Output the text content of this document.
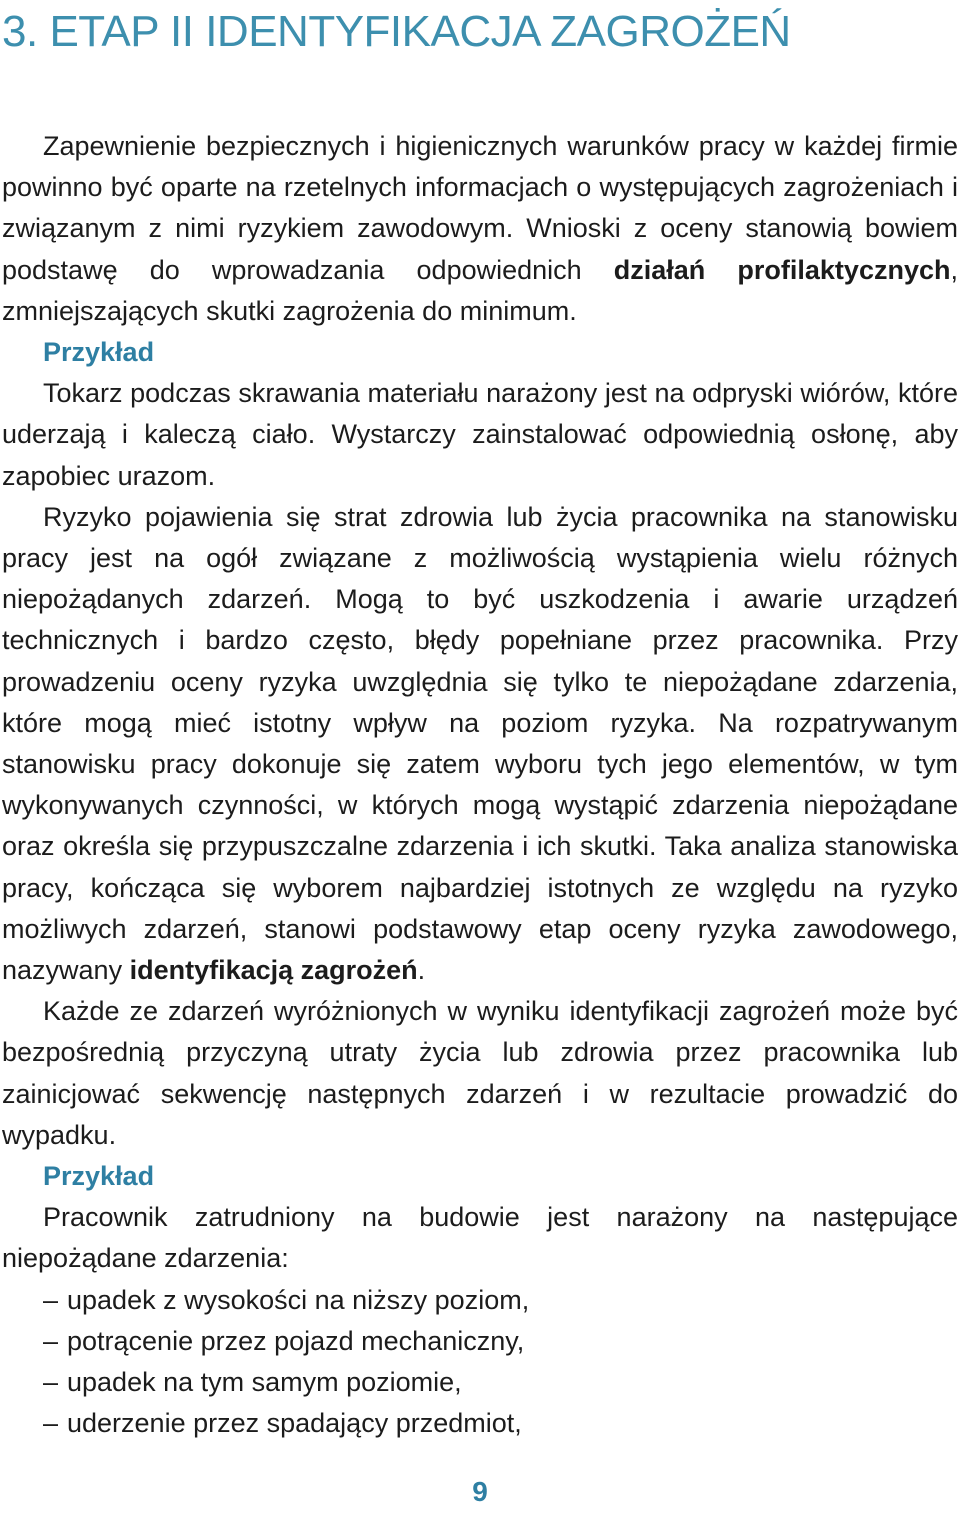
3. ETAP II IDENTYFIKACJA ZAGROŻEŃ

Zapewnienie bezpiecznych i higienicznych warunków pracy w każdej firmie powinno być oparte na rzetelnych informacjach o występujących zagrożeniach i związanym z nimi ryzykiem zawodowym. Wnioski z oceny stanowią bowiem podstawę do wprowadzania odpowiednich działań profilaktycznych, zmniejszających skutki zagrożenia do minimum.

Przykład

Tokarz podczas skrawania materiału narażony jest na odpryski wiórów, które uderzają i kaleczą ciało. Wystarczy zainstalować odpowiednią osłonę, aby zapobiec urazom.

Ryzyko pojawienia się strat zdrowia lub życia pracownika na stanowisku pracy jest na ogół związane z możliwością wystąpienia wielu różnych niepożądanych zdarzeń. Mogą to być uszkodzenia i awarie urządzeń technicznych i bardzo często, błędy popełniane przez pracownika. Przy prowadzeniu oceny ryzyka uwzględnia się tylko te niepożądane zdarzenia, które mogą mieć istotny wpływ na poziom ryzyka. Na rozpatrywanym stanowisku pracy dokonuje się zatem wyboru tych jego elementów, w tym wykonywanych czynności, w których mogą wystąpić zdarzenia niepożądane oraz określa się przypuszczalne zdarzenia i ich skutki. Taka analiza stanowiska pracy, kończąca się wyborem najbardziej istotnych ze względu na ryzyko możliwych zdarzeń, stanowi podstawowy etap oceny ryzyka zawodowego, nazywany identyfikacją zagrożeń.

Każde ze zdarzeń wyróżnionych w wyniku identyfikacji zagrożeń może być bezpośrednią przyczyną utraty życia lub zdrowia przez pracownika lub zainicjować sekwencję następnych zdarzeń i w rezultacie prowadzić do wypadku.

Przykład

Pracownik zatrudniony na budowie jest narażony na następujące niepożądane zdarzenia:

– upadek z wysokości na niższy poziom,
– potrącenie przez pojazd mechaniczny,
– upadek na tym samym poziomie,
– uderzenie przez spadający przedmiot,
9
